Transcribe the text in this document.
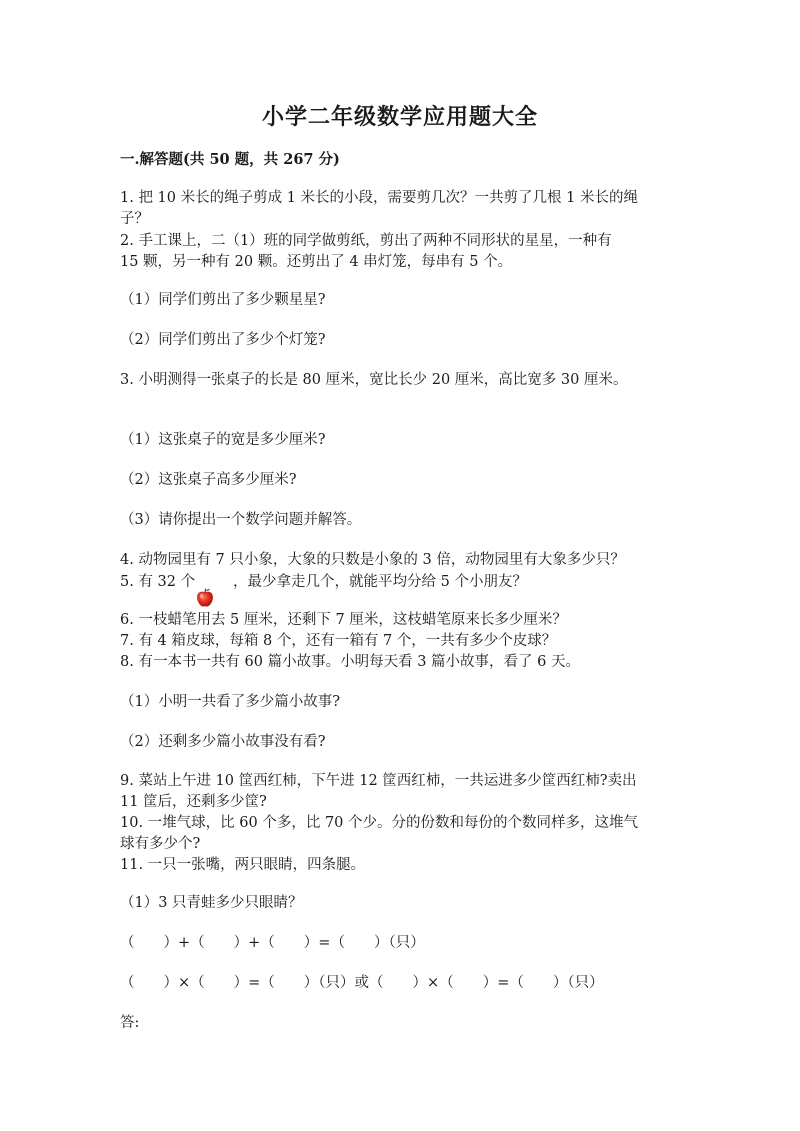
小学二年级数学应用题大全
一.解答题(共 50 题，共 267 分)
1. 把 10 米长的绳子剪成 1 米长的小段，需要剪几次？一共剪了几根 1 米长的绳
子？
2. 手工课上，二（1）班的同学做剪纸，剪出了两种不同形状的星星，一种有
15 颗，另一种有 20 颗。还剪出了 4 串灯笼，每串有 5 个。
（1）同学们剪出了多少颗星星?
（2）同学们剪出了多少个灯笼?
3. 小明测得一张桌子的长是 80 厘米，宽比长少 20 厘米，高比宽多 30 厘米。
（1）这张桌子的宽是多少厘米?
（2）这张桌子高多少厘米?
（3）请你提出一个数学问题并解答。
4. 动物园里有 7 只小象，大象的只数是小象的 3 倍，动物园里有大象多少只？
5. 有 32 个	，最少拿走几个，就能平均分给 5 个小朋友？
6. 一枝蜡笔用去 5 厘米，还剩下 7 厘米，这枝蜡笔原来长多少厘米？
7. 有 4 箱皮球，每箱 8 个，还有一箱有 7 个，一共有多少个皮球？
8. 有一本书一共有 60 篇小故事。小明每天看 3 篇小故事，看了 6 天。
（1）小明一共看了多少篇小故事?
（2）还剩多少篇小故事没有看?
9. 菜站上午进 10 筐西红柿，下午进 12 筐西红柿，一共运进多少筐西红柿?卖出
11 筐后，还剩多少筐?
10. 一堆气球，比 60 个多，比 70 个少。分的份数和每份的个数同样多，这堆气
球有多少个?
11. 一只一张嘴，两只眼睛，四条腿。
（1）3 只青蛙多少只眼睛？
（　　）+（　　）+（　　）=（　　）（只）
（　　）×（　　）=（　　）（只）或（　　）×（　　）=（　　）（只）
答:
